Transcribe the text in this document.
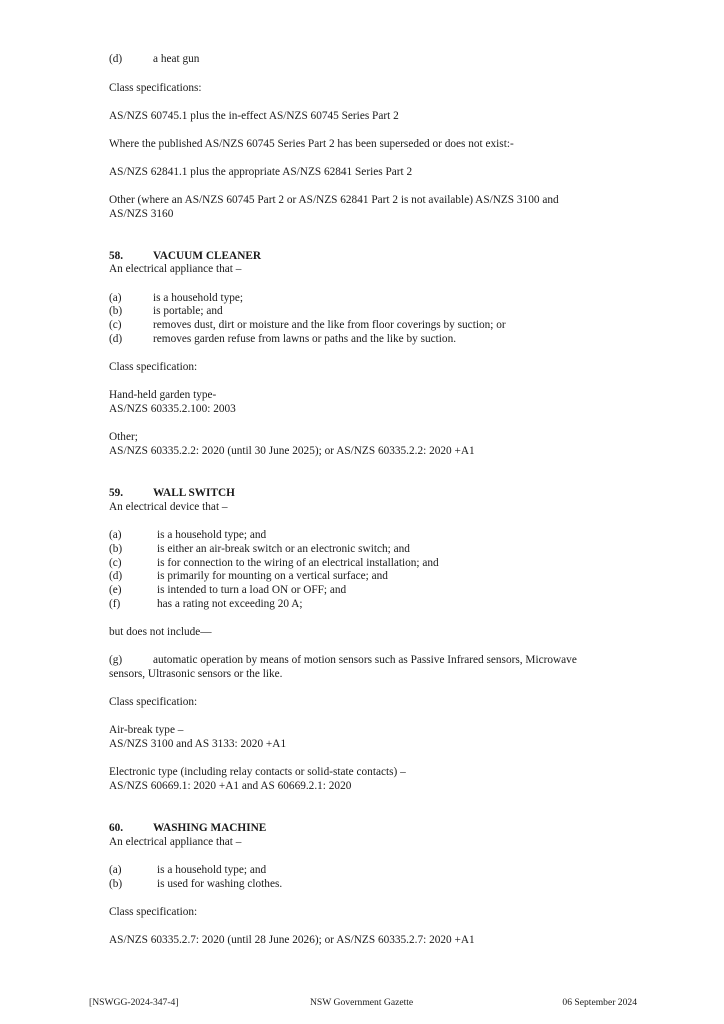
(d)	a heat gun
Class specifications:
AS/NZS 60745.1 plus the in-effect AS/NZS 60745 Series Part 2
Where the published AS/NZS 60745 Series Part 2 has been superseded or does not exist:-
AS/NZS 62841.1 plus the appropriate AS/NZS 62841 Series Part 2
Other (where an AS/NZS 60745 Part 2 or AS/NZS 62841 Part 2 is not available) AS/NZS 3100 and
AS/NZS 3160
58.	VACUUM CLEANER
An electrical appliance that –
(a)	is a household type;
(b)	is portable; and
(c)	removes dust, dirt or moisture and the like from floor coverings by suction; or
(d)	removes garden refuse from lawns or paths and the like by suction.
Class specification:
Hand-held garden type-
AS/NZS 60335.2.100: 2003
Other;
AS/NZS 60335.2.2: 2020 (until 30 June 2025); or AS/NZS 60335.2.2: 2020 +A1
59.	WALL SWITCH
An electrical device that –
(a)	is a household type; and
(b)	is either an air-break switch or an electronic switch; and
(c)	is for connection to the wiring of an electrical installation; and
(d)	is primarily for mounting on a vertical surface; and
(e)	is intended to turn a load ON or OFF; and
(f)	has a rating not exceeding 20 A;
but does not include—
(g)	automatic operation by means of motion sensors such as Passive Infrared sensors, Microwave
sensors, Ultrasonic sensors or the like.
Class specification:
Air-break type –
AS/NZS 3100 and AS 3133: 2020 +A1
Electronic type (including relay contacts or solid-state contacts) –
AS/NZS 60669.1: 2020 +A1 and AS 60669.2.1: 2020
60.	WASHING MACHINE
An electrical appliance that –
(a)	is a household type; and
(b)	is used for washing clothes.
Class specification:
AS/NZS 60335.2.7: 2020 (until 28 June 2026); or AS/NZS 60335.2.7: 2020 +A1
[NSWGG-2024-347-4]	NSW Government Gazette	06 September 2024
